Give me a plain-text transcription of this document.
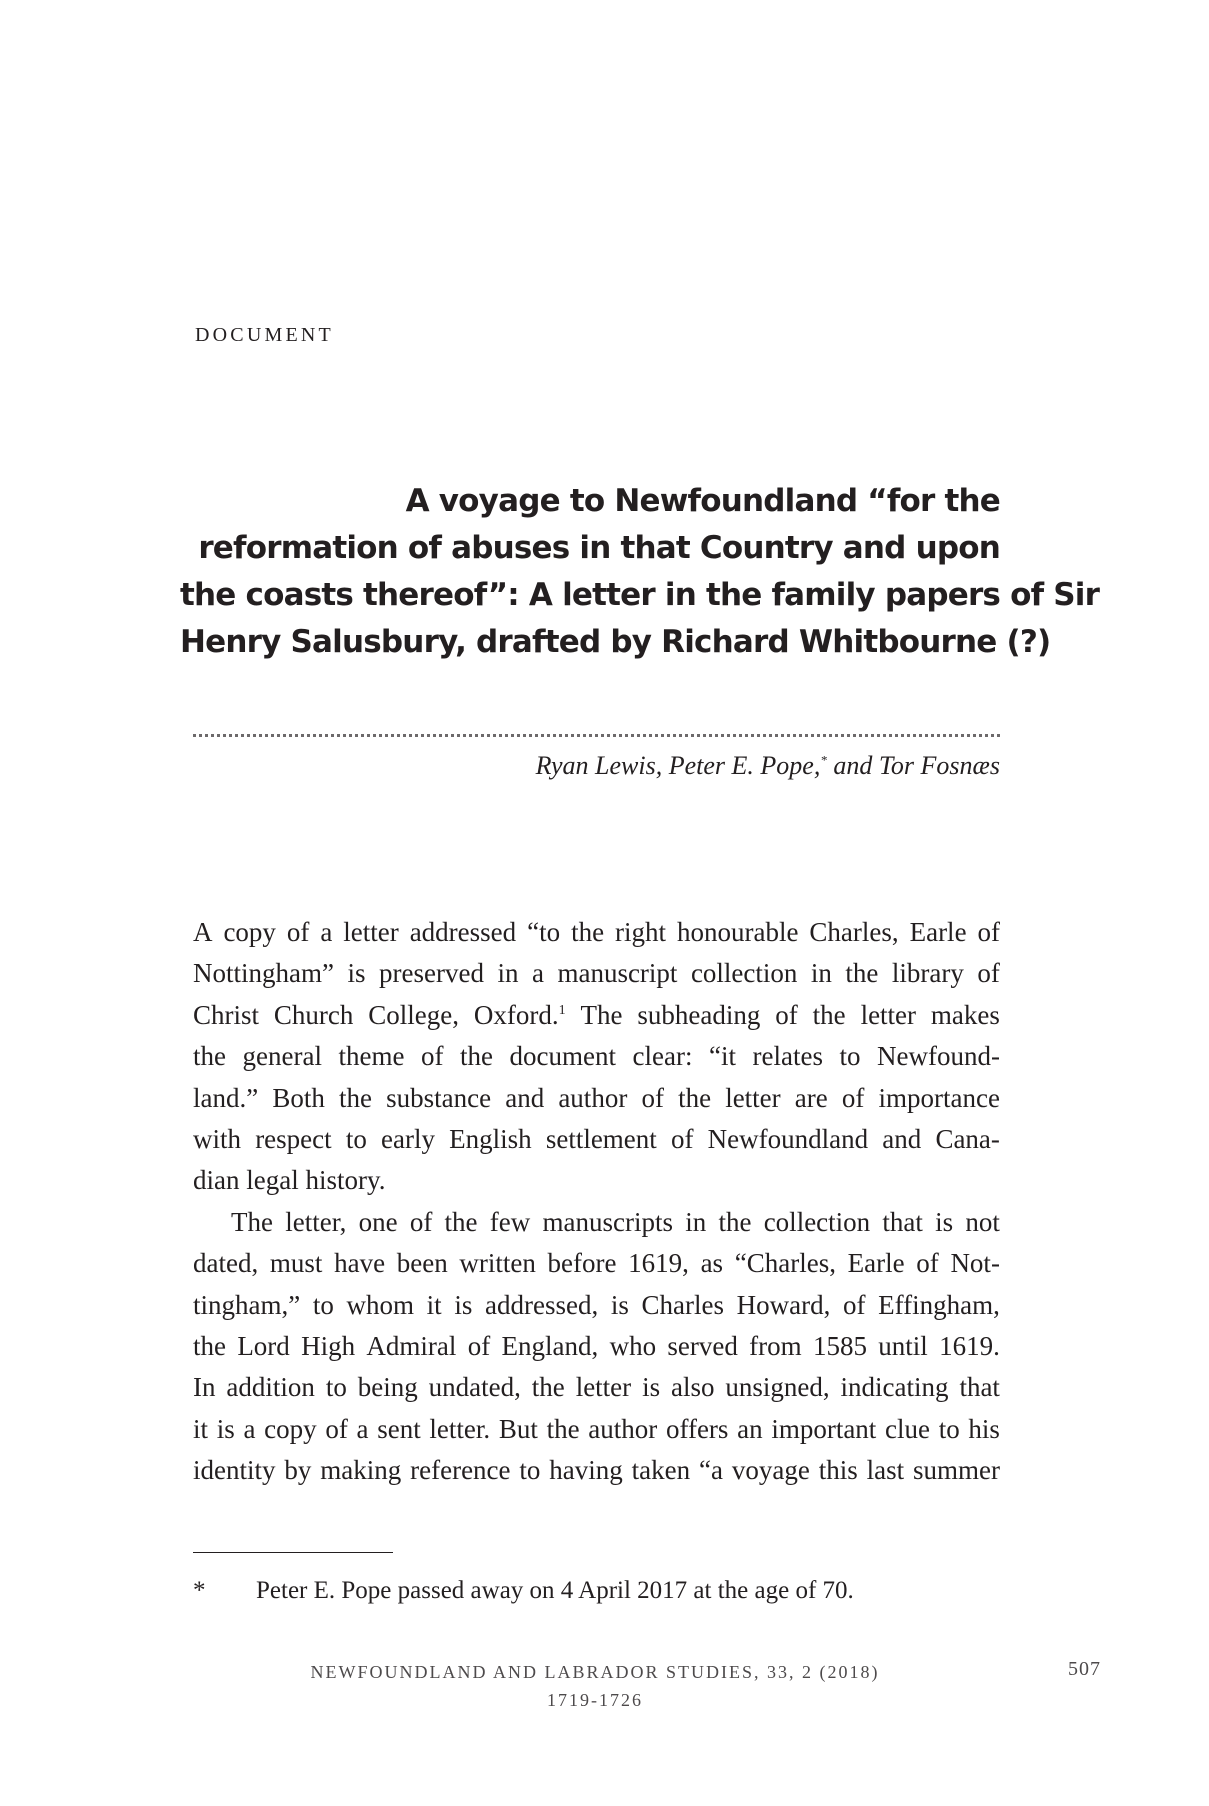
DOCUMENT
A voyage to Newfoundland “for the
reformation of abuses in that Country and upon
the coasts thereof”: A letter in the family papers of Sir
Henry Salusbury, drafted by Richard Whitbourne (?)
Ryan Lewis, Peter E. Pope,* and Tor Fosnæs
A copy of a letter addressed “to the right honourable Charles, Earle of
Nottingham” is preserved in a manuscript collection in the library of
Christ Church College, Oxford.$^1$ The subheading of the letter makes
the general theme of the document clear: “it relates to Newfound-
land.” Both the substance and author of the letter are of importance
with respect to early English settlement of Newfoundland and Cana-
dian legal history.
The letter, one of the few manuscripts in the collection that is not
dated, must have been written before 1619, as “Charles, Earle of Not-
tingham,” to whom it is addressed, is Charles Howard, of Effingham,
the Lord High Admiral of England, who served from 1585 until 1619.
In addition to being undated, the letter is also unsigned, indicating that
it is a copy of a sent letter. But the author offers an important clue to his
identity by making reference to having taken “a voyage this last summer
* Peter E. Pope passed away on 4 April 2017 at the age of 70.
NEWFOUNDLAND AND LABRADOR STUDIES, 33, 2 (2018)
1719-1726
507
